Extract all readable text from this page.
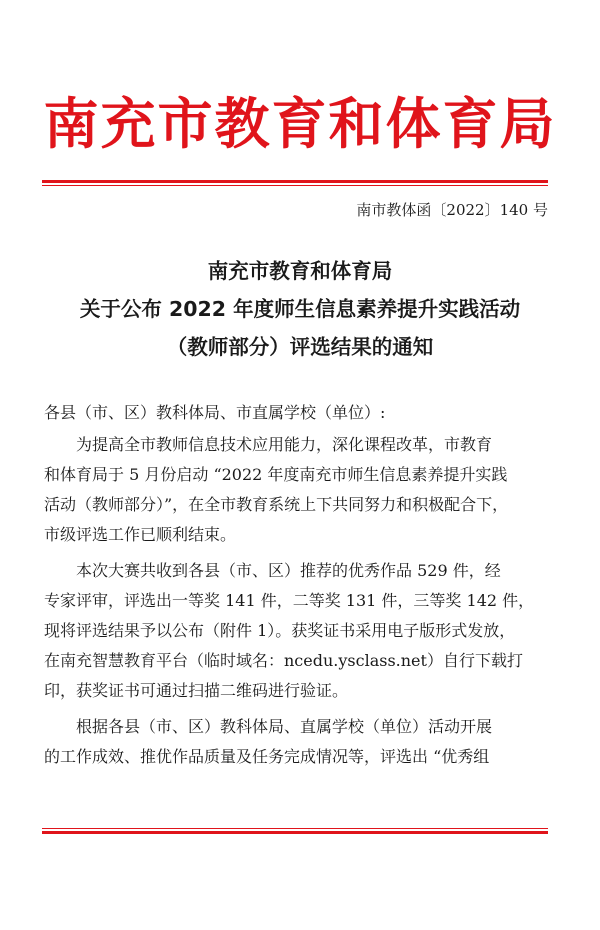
南充市教育和体育局
南市教体函〔2022〕140 号
南充市教育和体育局
关于公布 2022 年度师生信息素养提升实践活动
（教师部分）评选结果的通知
各县（市、区）教科体局、市直属学校（单位）:
为提高全市教师信息技术应用能力，深化课程改革，市教育
和体育局于 5 月份启动 “2022 年度南充市师生信息素养提升实践
活动（教师部分）”，在全市教育系统上下共同努力和积极配合下，
市级评选工作已顺利结束。
本次大赛共收到各县（市、区）推荐的优秀作品 529 件，经
专家评审，评选出一等奖 141 件，二等奖 131 件，三等奖 142 件，
现将评选结果予以公布（附件 1）。获奖证书采用电子版形式发放，
在南充智慧教育平台（临时域名：ncedu.ysclass.net）自行下载打
印，获奖证书可通过扫描二维码进行验证。
根据各县（市、区）教科体局、直属学校（单位）活动开展
的工作成效、推优作品质量及任务完成情况等，评选出 “优秀组
